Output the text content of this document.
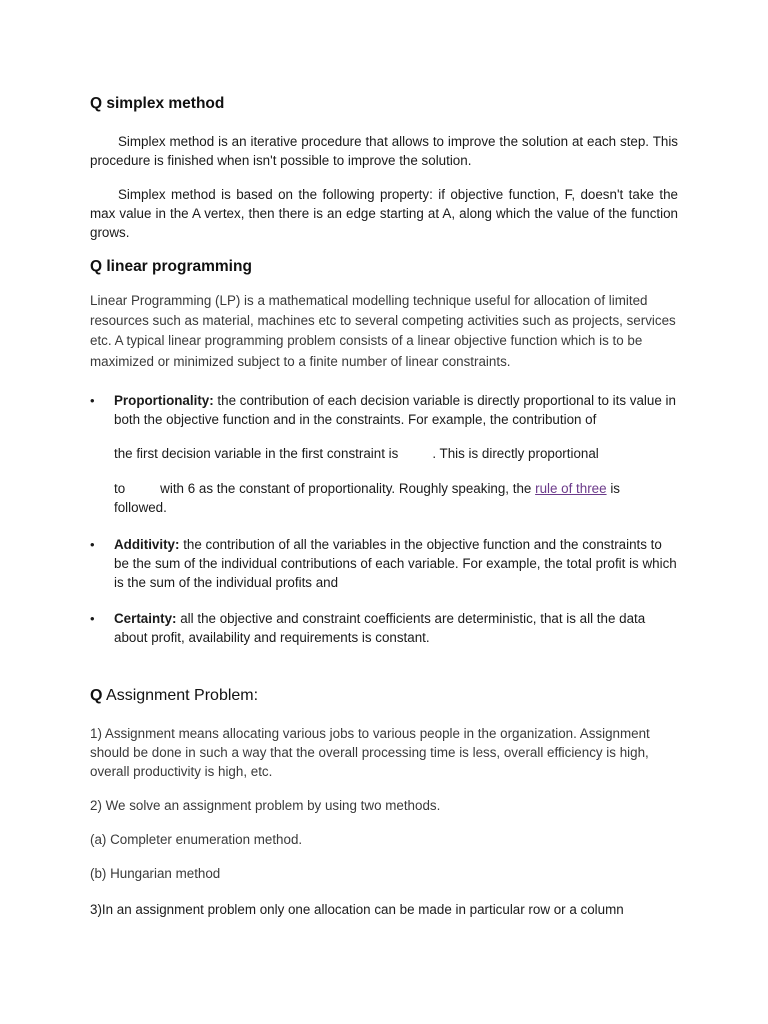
Q simplex method

Simplex method is an iterative procedure that allows to improve the solution at each step. This procedure is finished when isn't possible to improve the solution.

Simplex method is based on the following property: if objective function, F, doesn't take the max value in the A vertex, then there is an edge starting at A, along which the value of the function grows.

Q linear programming

Linear Programming (LP) is a mathematical modelling technique useful for allocation of limited resources such as material, machines etc to several competing activities such as projects, services etc. A typical linear programming problem consists of a linear objective function which is to be maximized or minimized subject to a finite number of linear constraints.

• Proportionality: the contribution of each decision variable is directly proportional to its value in both the objective function and in the constraints. For example, the contribution of

the first decision variable in the first constraint is	. This is directly proportional

to	with 6 as the constant of proportionality. Roughly speaking, the rule of three is
followed.

• Additivity: the contribution of all the variables in the objective function and the constraints to be the sum of the individual contributions of each variable. For example, the total profit is which is the sum of the individual profits and

• Certainty: all the objective and constraint coefficients are deterministic, that is all the data about profit, availability and requirements is constant.

Q Assignment Problem:

1) Assignment means allocating various jobs to various people in the organization. Assignment should be done in such a way that the overall processing time is less, overall efficiency is high, overall productivity is high, etc.

2) We solve an assignment problem by using two methods.

(a) Completer enumeration method.

(b) Hungarian method

3)In an assignment problem only one allocation can be made in particular row or a column
